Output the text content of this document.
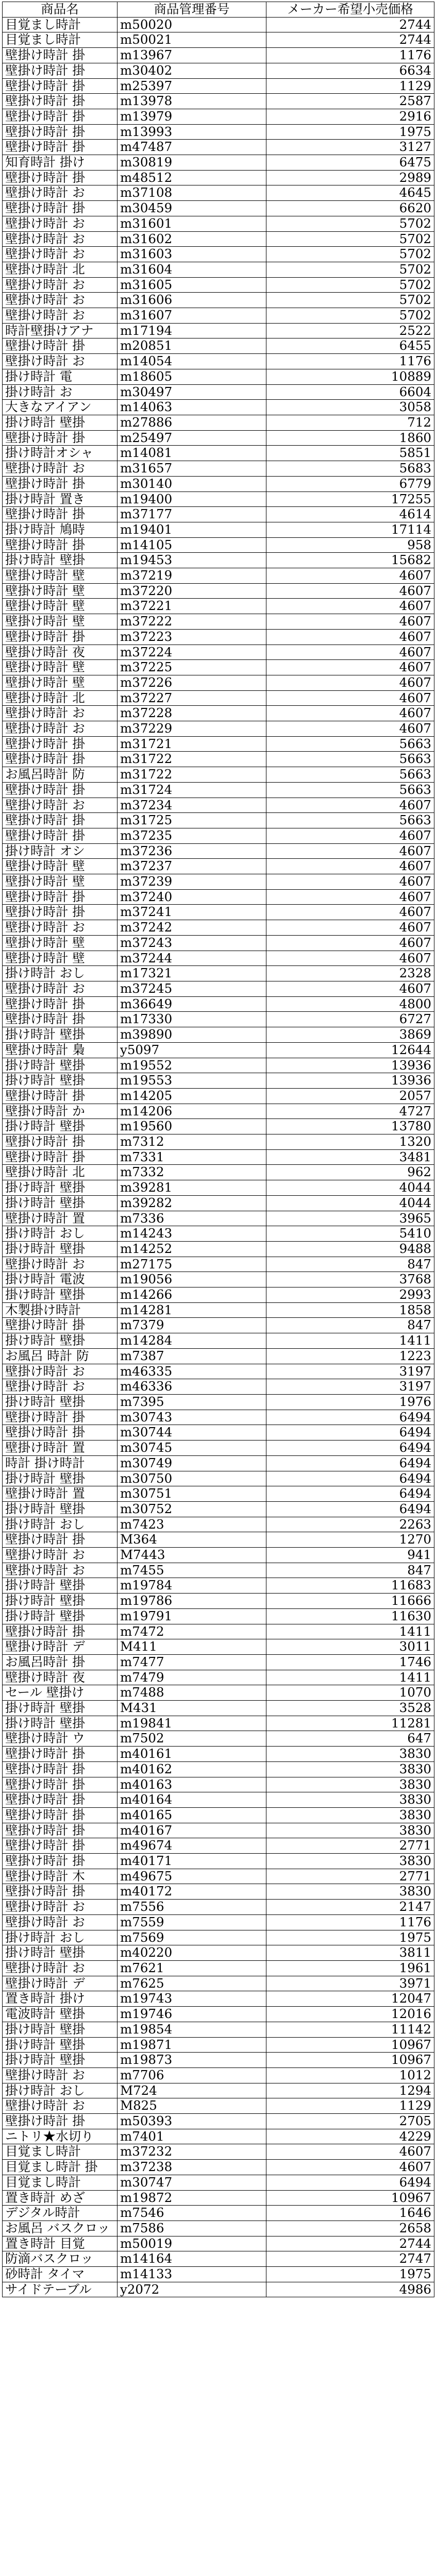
商品名	商品管理番号	メーカー希望小売価格
目覚まし時計	m50020	2744
目覚まし時計	m50021	2744
壁掛け時計 掛	m13967	1176
壁掛け時計 掛	m30402	6634
壁掛け時計 掛	m25397	1129
壁掛け時計 掛	m13978	2587
壁掛け時計 掛	m13979	2916
壁掛け時計 掛	m13993	1975
壁掛け時計 掛	m47487	3127
知育時計 掛け	m30819	6475
壁掛け時計 掛	m48512	2989
壁掛け時計 お	m37108	4645
壁掛け時計 掛	m30459	6620
壁掛け時計 お	m31601	5702
壁掛け時計 お	m31602	5702
壁掛け時計 お	m31603	5702
壁掛け時計 北	m31604	5702
壁掛け時計 お	m31605	5702
壁掛け時計 お	m31606	5702
壁掛け時計 お	m31607	5702
時計壁掛けアナ	m17194	2522
壁掛け時計 掛	m20851	6455
壁掛け時計 お	m14054	1176
掛け時計 電	m18605	10889
掛け時計 お	m30497	6604
大きなアイアン	m14063	3058
掛け時計 壁掛	m27886	712
壁掛け時計 掛	m25497	1860
掛け時計オシャ	m14081	5851
壁掛け時計 お	m31657	5683
壁掛け時計 掛	m30140	6779
掛け時計 置き	m19400	17255
壁掛け時計 掛	m37177	4614
掛け時計 鳩時	m19401	17114
壁掛け時計 掛	m14105	958
掛け時計 壁掛	m19453	15682
壁掛け時計 壁	m37219	4607
壁掛け時計 壁	m37220	4607
壁掛け時計 壁	m37221	4607
壁掛け時計 壁	m37222	4607
壁掛け時計 掛	m37223	4607
壁掛け時計 夜	m37224	4607
壁掛け時計 壁	m37225	4607
壁掛け時計 壁	m37226	4607
壁掛け時計 北	m37227	4607
壁掛け時計 お	m37228	4607
壁掛け時計 お	m37229	4607
壁掛け時計 掛	m31721	5663
壁掛け時計 掛	m31722	5663
お風呂時計 防	m31722	5663
壁掛け時計 掛	m31724	5663
壁掛け時計 お	m37234	4607
壁掛け時計 掛	m31725	5663
壁掛け時計 掛	m37235	4607
掛け時計 オシ	m37236	4607
壁掛け時計 壁	m37237	4607
壁掛け時計 壁	m37239	4607
壁掛け時計 掛	m37240	4607
壁掛け時計 掛	m37241	4607
壁掛け時計 お	m37242	4607
壁掛け時計 壁	m37243	4607
壁掛け時計 壁	m37244	4607
掛け時計 おし	m17321	2328
壁掛け時計 お	m37245	4607
壁掛け時計 掛	m36649	4800
壁掛け時計 掛	m17330	6727
掛け時計 壁掛	m39890	3869
壁掛け時計 梟	y5097	12644
掛け時計 壁掛	m19552	13936
掛け時計 壁掛	m19553	13936
壁掛け時計 掛	m14205	2057
壁掛け時計 か	m14206	4727
掛け時計 壁掛	m19560	13780
壁掛け時計 掛	m7312	1320
壁掛け時計 掛	m7331	3481
壁掛け時計 北	m7332	962
掛け時計 壁掛	m39281	4044
掛け時計 壁掛	m39282	4044
壁掛け時計 置	m7336	3965
掛け時計 おし	m14243	5410
掛け時計 壁掛	m14252	9488
壁掛け時計 お	m27175	847
掛け時計 電波	m19056	3768
掛け時計 壁掛	m14266	2993
木製掛け時計	m14281	1858
壁掛け時計 掛	m7379	847
掛け時計 壁掛	m14284	1411
お風呂 時計 防	m7387	1223
壁掛け時計 お	m46335	3197
壁掛け時計 お	m46336	3197
掛け時計 壁掛	m7395	1976
壁掛け時計 掛	m30743	6494
壁掛け時計 掛	m30744	6494
壁掛け時計 置	m30745	6494
時計 掛け時計	m30749	6494
掛け時計 壁掛	m30750	6494
壁掛け時計 置	m30751	6494
掛け時計 壁掛	m30752	6494
掛け時計 おし	m7423	2263
壁掛け時計 掛	M364	1270
壁掛け時計 お	M7443	941
壁掛け時計 お	m7455	847
掛け時計 壁掛	m19784	11683
掛け時計 壁掛	m19786	11666
掛け時計 壁掛	m19791	11630
壁掛け時計 掛	m7472	1411
壁掛け時計 デ	M411	3011
お風呂時計 掛	m7477	1746
壁掛け時計 夜	m7479	1411
セール 壁掛け	m7488	1070
掛け時計 壁掛	M431	3528
掛け時計 壁掛	m19841	11281
壁掛け時計 ウ	m7502	647
壁掛け時計 掛	m40161	3830
壁掛け時計 掛	m40162	3830
壁掛け時計 掛	m40163	3830
壁掛け時計 掛	m40164	3830
壁掛け時計 掛	m40165	3830
壁掛け時計 掛	m40167	3830
壁掛け時計 掛	m49674	2771
壁掛け時計 掛	m40171	3830
壁掛け時計 木	m49675	2771
壁掛け時計 掛	m40172	3830
壁掛け時計 お	m7556	2147
壁掛け時計 お	m7559	1176
掛け時計 おし	m7569	1975
掛け時計 壁掛	m40220	3811
壁掛け時計 お	m7621	1961
壁掛け時計 デ	m7625	3971
置き時計 掛け	m19743	12047
電波時計 壁掛	m19746	12016
掛け時計 壁掛	m19854	11142
掛け時計 壁掛	m19871	10967
掛け時計 壁掛	m19873	10967
壁掛け時計 お	m7706	1012
掛け時計 おし	M724	1294
壁掛け時計 お	M825	1129
壁掛け時計 掛	m50393	2705
ニトリ★水切り	m7401	4229
目覚まし時計	m37232	4607
目覚まし時計 掛	m37238	4607
目覚まし時計	m30747	6494
置き時計 めざ	m19872	10967
デジタル時計	m7546	1646
お風呂 バスクロッ	m7586	2658
置き時計 目覚	m50019	2744
防滴バスクロッ	m14164	2747
砂時計 タイマ	m14133	1975
サイドテーブル	y2072	4986
